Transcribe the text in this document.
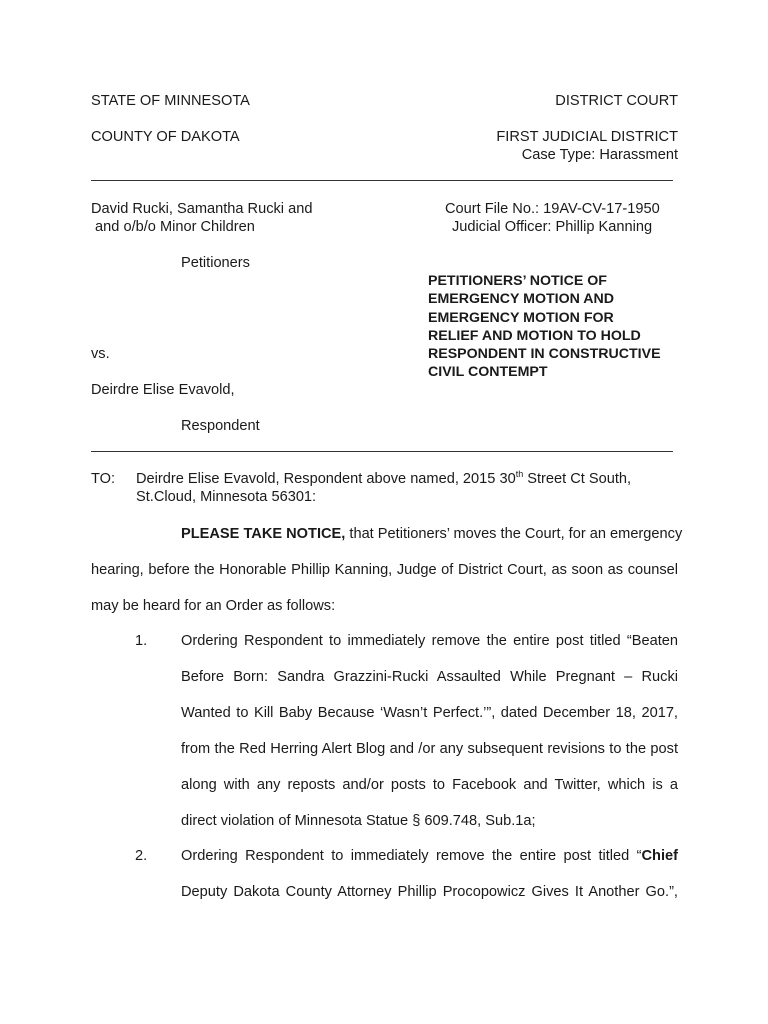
STATE OF MINNESOTA	DISTRICT COURT
COUNTY OF DAKOTA	FIRST JUDICIAL DISTRICT
Case Type: Harassment
David Rucki, Samantha Rucki and
and o/b/o Minor Children
Court File No.: 19AV-CV-17-1950
Judicial Officer: Phillip Kanning
Petitioners
PETITIONERS’ NOTICE OF
EMERGENCY MOTION AND
EMERGENCY MOTION FOR
RELIEF AND MOTION TO HOLD
RESPONDENT IN CONSTRUCTIVE
CIVIL CONTEMPT
vs.
Deirdre Elise Evavold,
Respondent
TO: Deirdre Elise Evavold, Respondent above named, 2015 30th Street Ct South,
St.Cloud, Minnesota 56301:
PLEASE TAKE NOTICE, that Petitioners’ moves the Court, for an emergency
hearing, before the Honorable Phillip Kanning, Judge of District Court, as soon as counsel
may be heard for an Order as follows:
1. Ordering Respondent to immediately remove the entire post titled “Beaten
Before Born: Sandra Grazzini-Rucki Assaulted While Pregnant – Rucki
Wanted to Kill Baby Because ‘Wasn’t Perfect.’”, dated December 18, 2017,
from the Red Herring Alert Blog and /or any subsequent revisions to the post
along with any reposts and/or posts to Facebook and Twitter, which is a
direct violation of Minnesota Statue § 609.748, Sub.1a;
2. Ordering Respondent to immediately remove the entire post titled “Chief
Deputy Dakota County Attorney Phillip Procopowicz Gives It Another Go.”,
